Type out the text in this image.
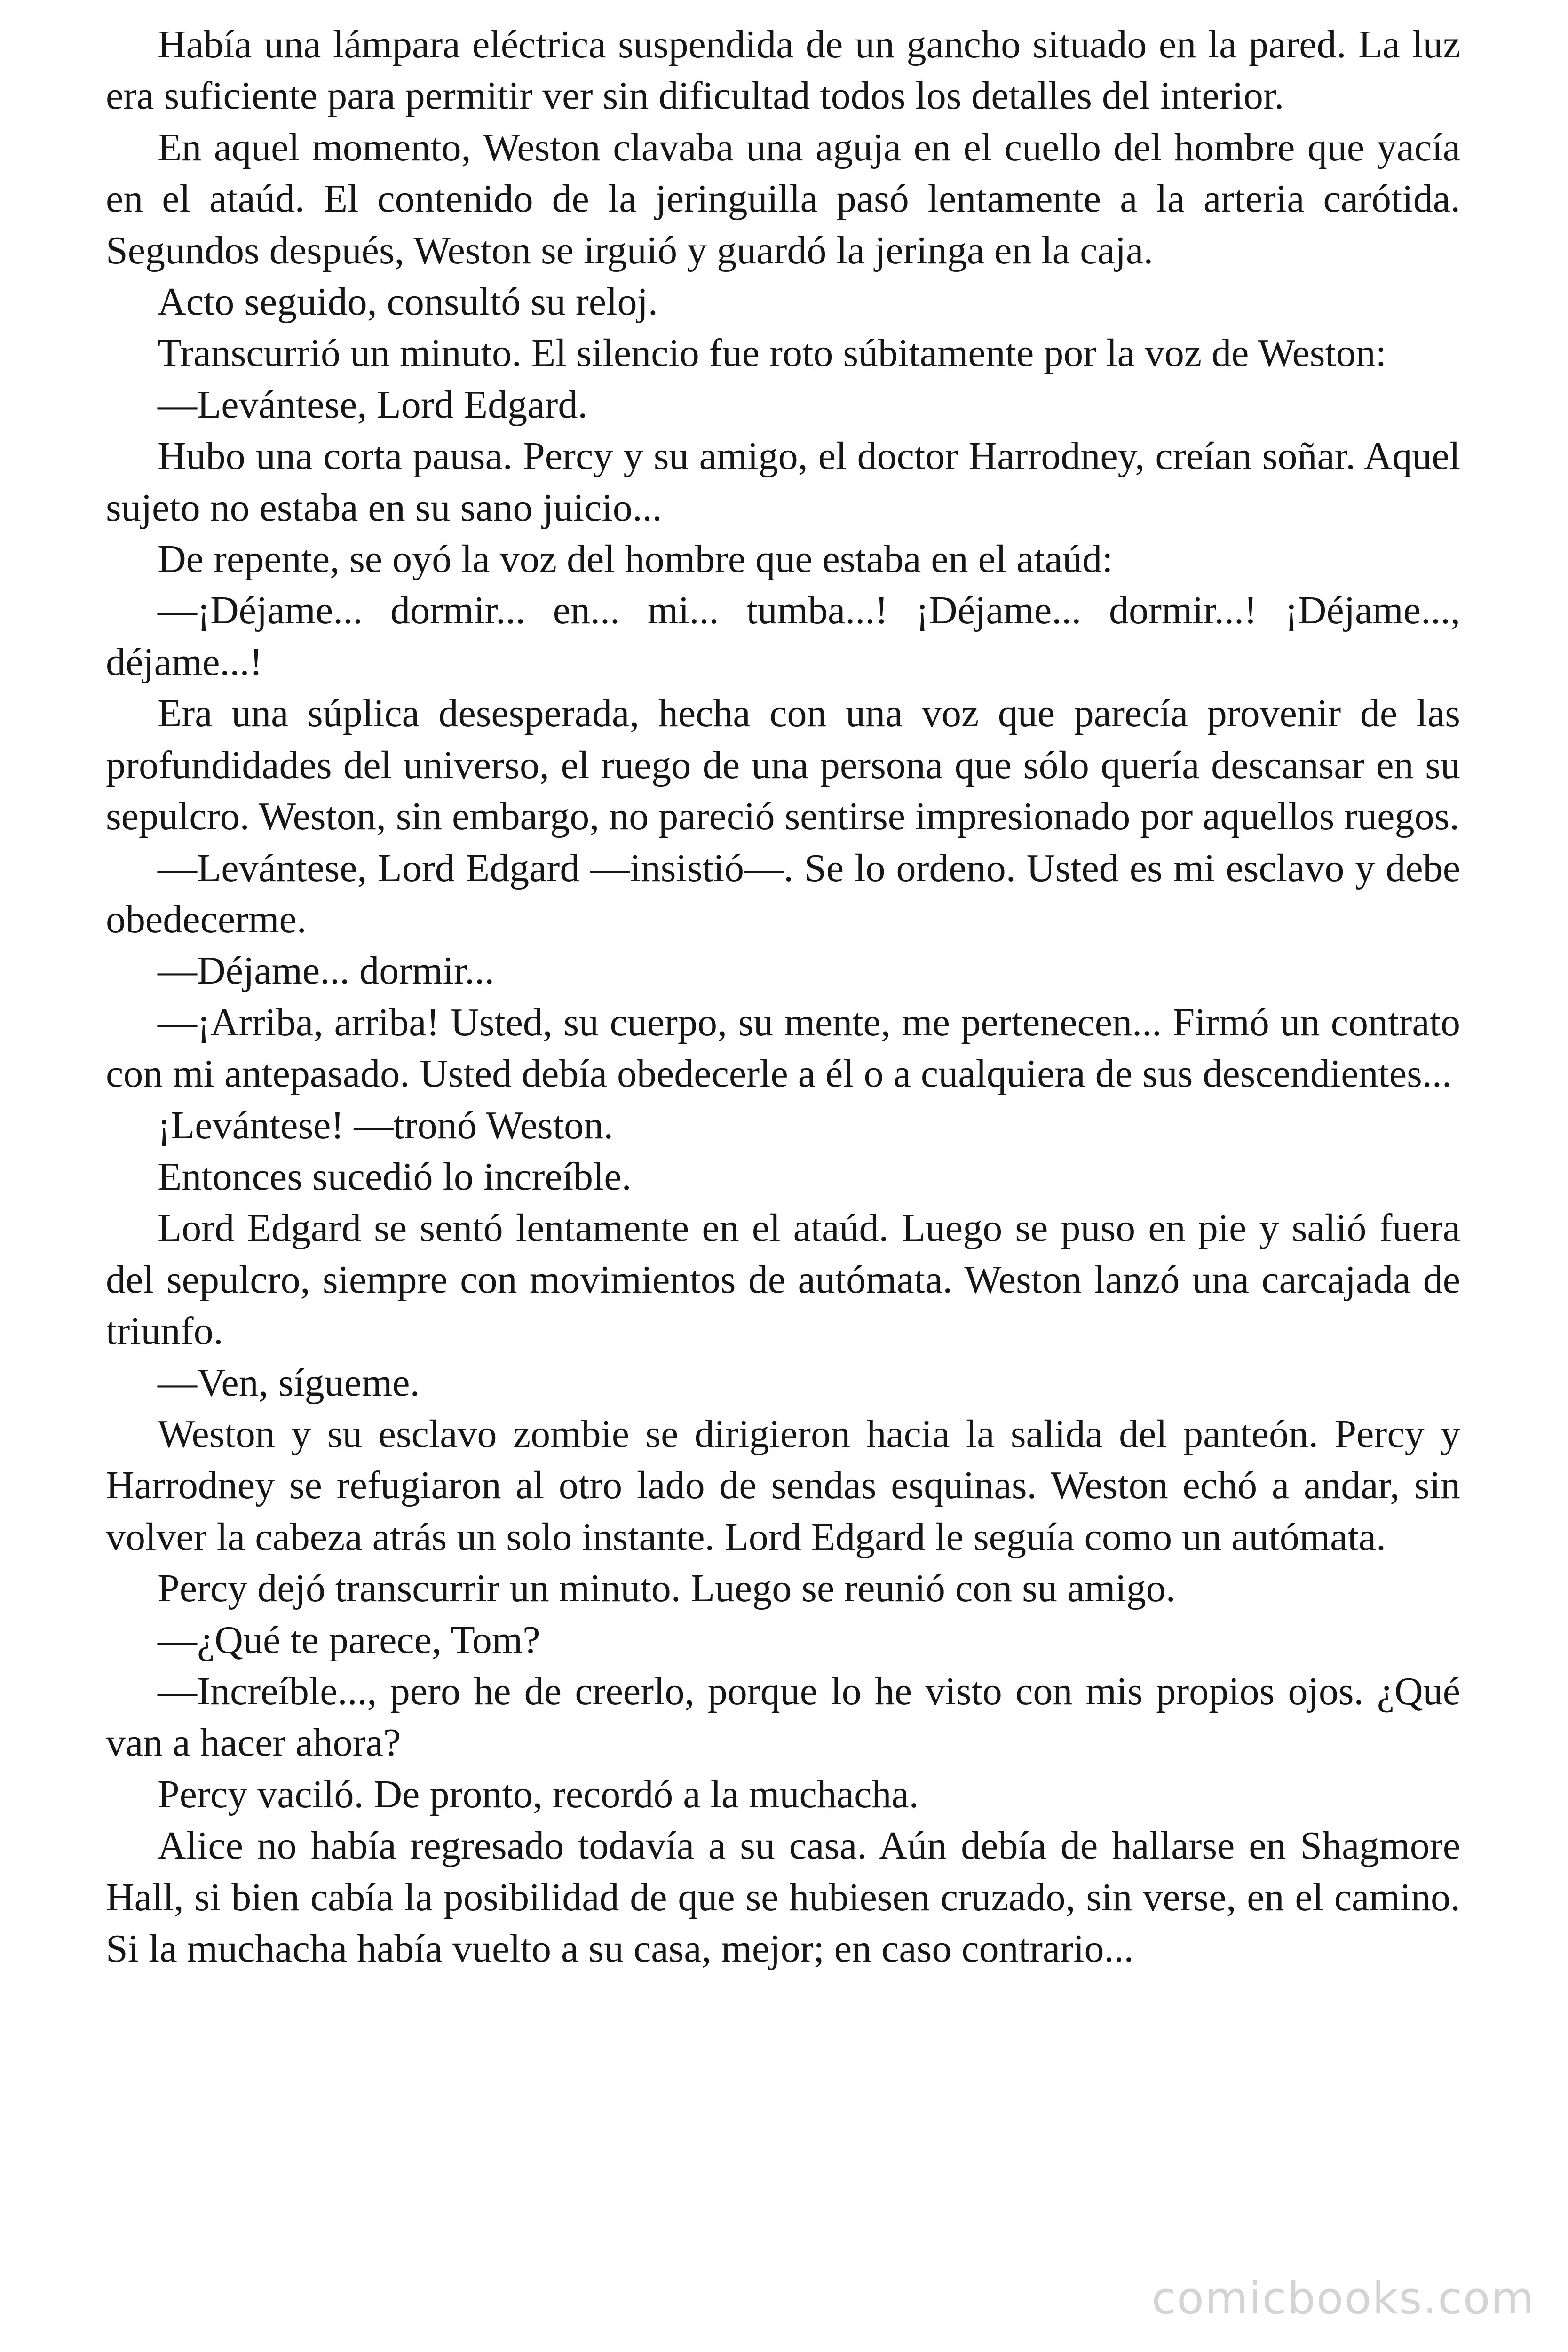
Había una lámpara eléctrica suspendida de un gancho situado en la pared. La luz era suficiente para permitir ver sin dificultad todos los detalles del interior.

En aquel momento, Weston clavaba una aguja en el cuello del hombre que yacía en el ataúd. El contenido de la jeringuilla pasó lentamente a la arteria carótida. Segundos después, Weston se irguió y guardó la jeringa en la caja.

Acto seguido, consultó su reloj.

Transcurrió un minuto. El silencio fue roto súbitamente por la voz de Weston:

—Levántese, Lord Edgard.

Hubo una corta pausa. Percy y su amigo, el doctor Harrodney, creían soñar. Aquel sujeto no estaba en su sano juicio...

De repente, se oyó la voz del hombre que estaba en el ataúd:

—¡Déjame... dormir... en... mi... tumba...! ¡Déjame... dormir...! ¡Déjame..., déjame...!

Era una súplica desesperada, hecha con una voz que parecía provenir de las profundidades del universo, el ruego de una persona que sólo quería descansar en su sepulcro. Weston, sin embargo, no pareció sentirse impresionado por aquellos ruegos.

—Levántese, Lord Edgard —insistió—. Se lo ordeno. Usted es mi esclavo y debe obedecerme.

—Déjame... dormir...

—¡Arriba, arriba! Usted, su cuerpo, su mente, me pertenecen... Firmó un contrato con mi antepasado. Usted debía obedecerle a él o a cualquiera de sus descendientes...

¡Levántese! —tronó Weston.

Entonces sucedió lo increíble.

Lord Edgard se sentó lentamente en el ataúd. Luego se puso en pie y salió fuera del sepulcro, siempre con movimientos de autómata. Weston lanzó una carcajada de triunfo.

—Ven, sígueme.

Weston y su esclavo zombie se dirigieron hacia la salida del panteón. Percy y Harrodney se refugiaron al otro lado de sendas esquinas. Weston echó a andar, sin volver la cabeza atrás un solo instante. Lord Edgard le seguía como un autómata.

Percy dejó transcurrir un minuto. Luego se reunió con su amigo.

—¿Qué te parece, Tom?

—Increíble..., pero he de creerlo, porque lo he visto con mis propios ojos. ¿Qué van a hacer ahora?

Percy vaciló. De pronto, recordó a la muchacha.

Alice no había regresado todavía a su casa. Aún debía de hallarse en Shagmore Hall, si bien cabía la posibilidad de que se hubiesen cruzado, sin verse, en el camino. Si la muchacha había vuelto a su casa, mejor; en caso contrario...

comicbooks.com
